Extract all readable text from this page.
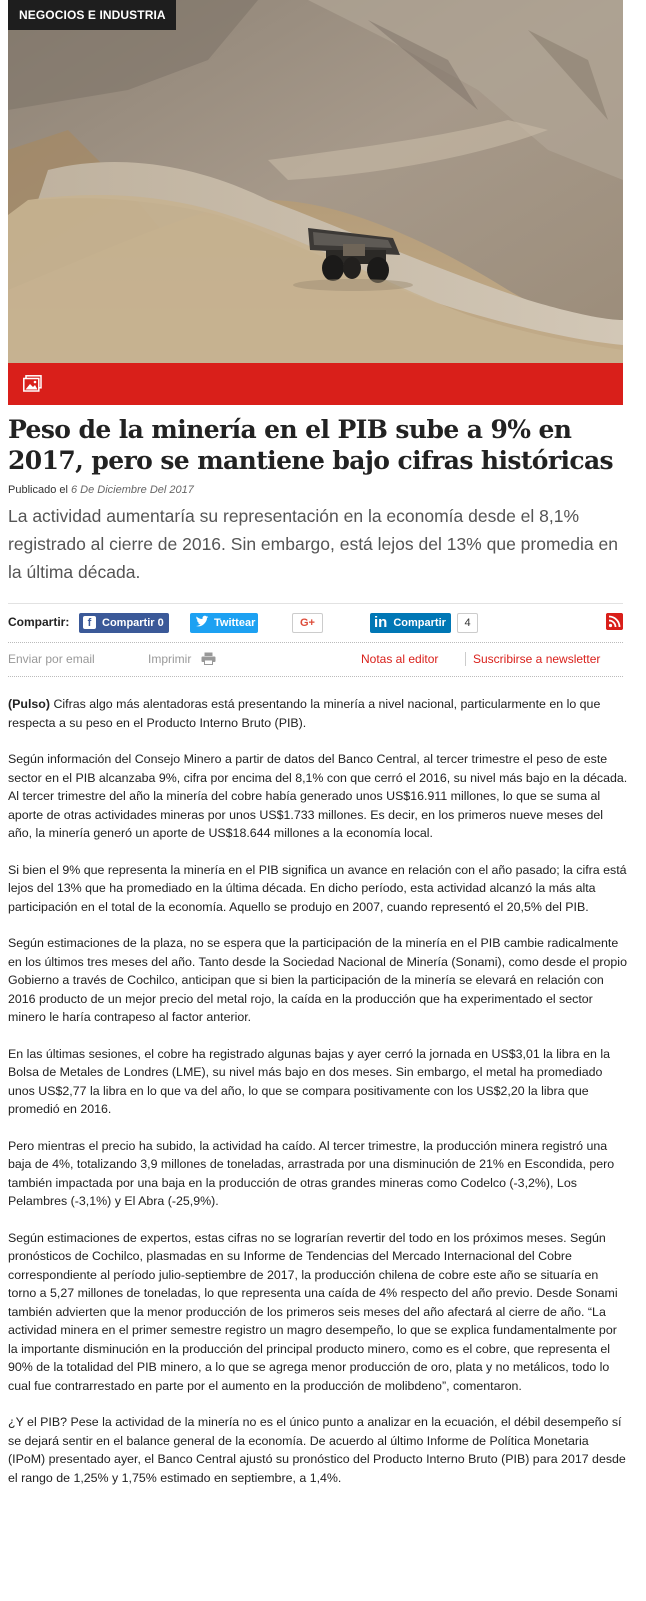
NEGOCIOS E INDUSTRIA
Peso de la minería en el PIB sube a 9% en 2017, pero se mantiene bajo cifras históricas
Publicado el 6 De Diciembre Del 2017

La actividad aumentaría su representación en la economía desde el 8,1% registrado al cierre de 2016. Sin embargo, está lejos del 13% que promedia en la última década.

Compartir:	f Compartir 0	Twittear	G+	in Compartir	4
Enviar por email	Imprimir	Notas al editor	Suscribirse a newsletter

(Pulso) Cifras algo más alentadoras está presentando la minería a nivel nacional, particularmente en lo que respecta a su peso en el Producto Interno Bruto (PIB).

Según información del Consejo Minero a partir de datos del Banco Central, al tercer trimestre el peso de este sector en el PIB alcanzaba 9%, cifra por encima del 8,1% con que cerró el 2016, su nivel más bajo en la década. Al tercer trimestre del año la minería del cobre había generado unos US$16.911 millones, lo que se suma al aporte de otras actividades mineras por unos US$1.733 millones. Es decir, en los primeros nueve meses del año, la minería generó un aporte de US$18.644 millones a la economía local.

Si bien el 9% que representa la minería en el PIB significa un avance en relación con el año pasado; la cifra está lejos del 13% que ha promediado en la última década. En dicho período, esta actividad alcanzó la más alta participación en el total de la economía. Aquello se produjo en 2007, cuando representó el 20,5% del PIB.

Según estimaciones de la plaza, no se espera que la participación de la minería en el PIB cambie radicalmente en los últimos tres meses del año. Tanto desde la Sociedad Nacional de Minería (Sonami), como desde el propio Gobierno a través de Cochilco, anticipan que si bien la participación de la minería se elevará en relación con 2016 producto de un mejor precio del metal rojo, la caída en la producción que ha experimentado el sector minero le haría contrapeso al factor anterior.

En las últimas sesiones, el cobre ha registrado algunas bajas y ayer cerró la jornada en US$3,01 la libra en la Bolsa de Metales de Londres (LME), su nivel más bajo en dos meses. Sin embargo, el metal ha promediado unos US$2,77 la libra en lo que va del año, lo que se compara positivamente con los US$2,20 la libra que promedió en 2016.

Pero mientras el precio ha subido, la actividad ha caído. Al tercer trimestre, la producción minera registró una baja de 4%, totalizando 3,9 millones de toneladas, arrastrada por una disminución de 21% en Escondida, pero también impactada por una baja en la producción de otras grandes mineras como Codelco (-3,2%), Los Pelambres (-3,1%) y El Abra (-25,9%).

Según estimaciones de expertos, estas cifras no se lograrían revertir del todo en los próximos meses. Según pronósticos de Cochilco, plasmadas en su Informe de Tendencias del Mercado Internacional del Cobre correspondiente al período julio-septiembre de 2017, la producción chilena de cobre este año se situaría en torno a 5,27 millones de toneladas, lo que representa una caída de 4% respecto del año previo. Desde Sonami también advierten que la menor producción de los primeros seis meses del año afectará al cierre de año. “La actividad minera en el primer semestre registro un magro desempeño, lo que se explica fundamentalmente por la importante disminución en la producción del principal producto minero, como es el cobre, que representa el 90% de la totalidad del PIB minero, a lo que se agrega menor producción de oro, plata y no metálicos, todo lo cual fue contrarrestado en parte por el aumento en la producción de molibdeno”, comentaron.

¿Y el PIB? Pese la actividad de la minería no es el único punto a analizar en la ecuación, el débil desempeño sí se dejará sentir en el balance general de la economía. De acuerdo al último Informe de Política Monetaria (IPoM) presentado ayer, el Banco Central ajustó su pronóstico del Producto Interno Bruto (PIB) para 2017 desde el rango de 1,25% y 1,75% estimado en septiembre, a 1,4%.
